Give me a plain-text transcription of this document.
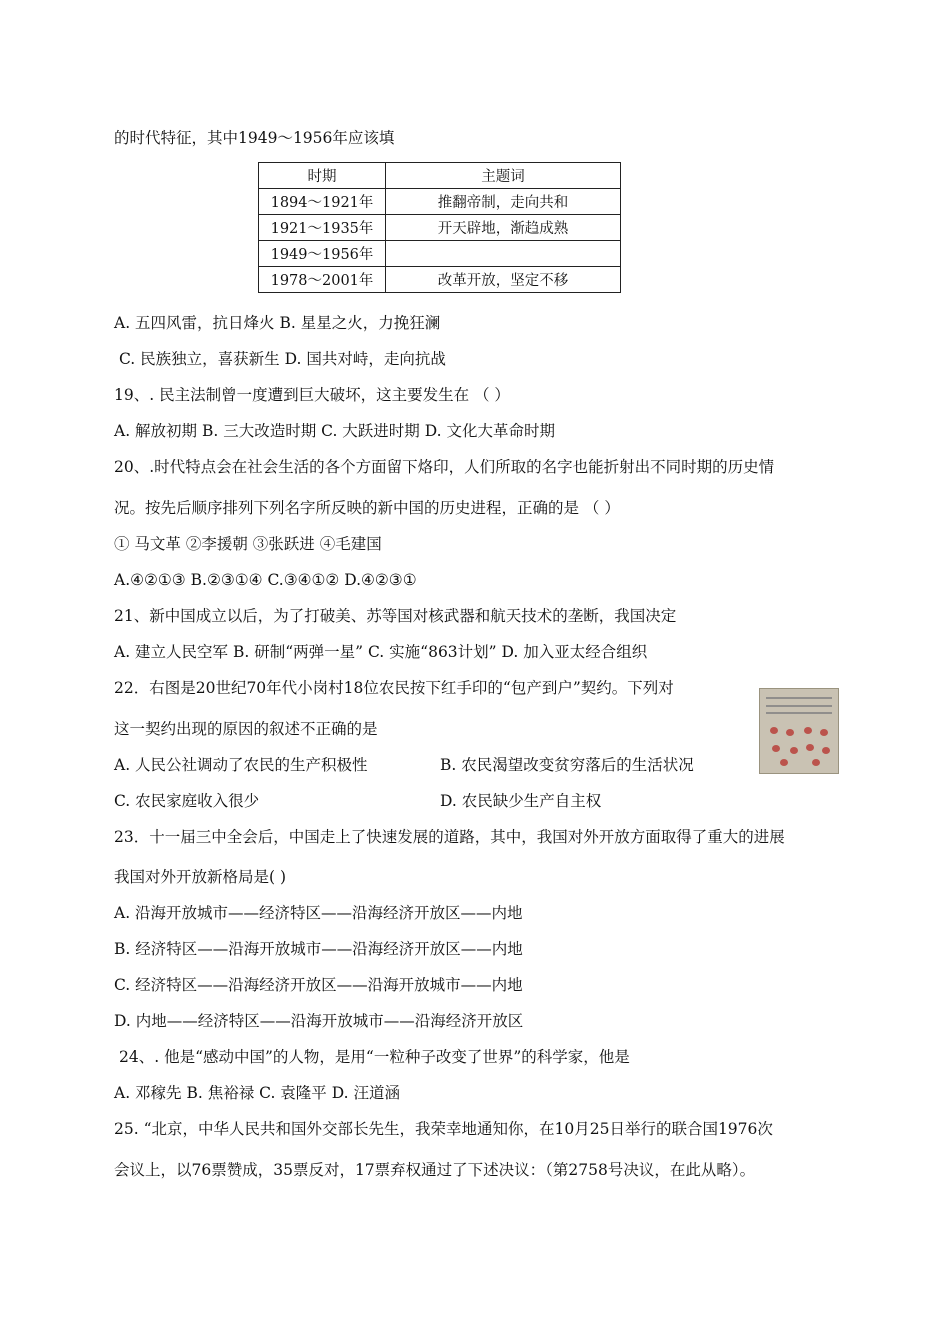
的时代特征，其中1949～1956年应该填
时期	主题词
1894～1921年	推翻帝制，走向共和
1921～1935年	开天辟地，渐趋成熟
1949～1956年	
1978～2001年	改革开放，坚定不移
A. 五四风雷，抗日烽火 B. 星星之火，力挽狂澜
C. 民族独立，喜获新生 D. 国共对峙，走向抗战
19、. 民主法制曾一度遭到巨大破坏，这主要发生在 （ ）
A. 解放初期 B. 三大改造时期 C. 大跃进时期 D. 文化大革命时期
20、.时代特点会在社会生活的各个方面留下烙印，人们所取的名字也能折射出不同时期的历史情
况。按先后顺序排列下列名字所反映的新中国的历史进程，正确的是 （ ）
① 马文革 ②李援朝 ③张跃进 ④毛建国
A.④②①③ B.②③①④ C.③④①② D.④②③①
21、新中国成立以后，为了打破美、苏等国对核武器和航天技术的垄断，我国决定
A. 建立人民空军 B. 研制“两弹一星” C. 实施“863计划” D. 加入亚太经合组织
22．右图是20世纪70年代小岗村18位农民按下红手印的“包产到户”契约。下列对
这一契约出现的原因的叙述不正确的是
A. 人民公社调动了农民的生产积极性	B. 农民渴望改变贫穷落后的生活状况
C. 农民家庭收入很少	D. 农民缺少生产自主权
23．十一届三中全会后，中国走上了快速发展的道路，其中，我国对外开放方面取得了重大的进展
我国对外开放新格局是( )
A. 沿海开放城市——经济特区——沿海经济开放区——内地
B. 经济特区——沿海开放城市——沿海经济开放区——内地
C. 经济特区——沿海经济开放区——沿海开放城市——内地
D. 内地——经济特区——沿海开放城市——沿海经济开放区
24、. 他是“感动中国”的人物，是用“一粒种子改变了世界”的科学家，他是
A. 邓稼先 B. 焦裕禄 C. 袁隆平 D. 汪道涵
25. “北京，中华人民共和国外交部长先生，我荣幸地通知你，在10月25日举行的联合国1976次
会议上，以76票赞成，35票反对，17票弃权通过了下述决议：（第2758号决议，在此从略）。
